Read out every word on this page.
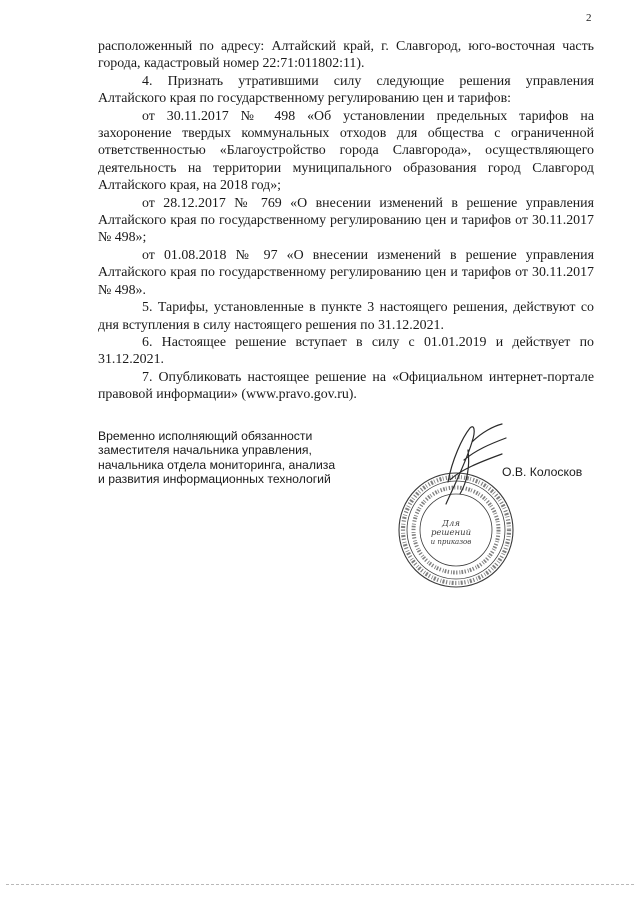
2

расположенный по адресу: Алтайский край, г. Славгород, юго-восточная часть города, кадастровый номер 22:71:011802:11).

4. Признать утратившими силу следующие решения управления Алтайского края по государственному регулированию цен и тарифов:

от 30.11.2017 № 498 «Об установлении предельных тарифов на захоронение твердых коммунальных отходов для общества с ограниченной ответственностью «Благоустройство города Славгорода», осуществляющего деятельность на территории муниципального образования город Славгород Алтайского края, на 2018 год»;

от 28.12.2017 № 769 «О внесении изменений в решение управления Алтайского края по государственному регулированию цен и тарифов от 30.11.2017 № 498»;

от 01.08.2018 № 97 «О внесении изменений в решение управления Алтайского края по государственному регулированию цен и тарифов от 30.11.2017 № 498».

5. Тарифы, установленные в пункте 3 настоящего решения, действуют со дня вступления в силу настоящего решения по 31.12.2021.

6. Настоящее решение вступает в силу с 01.01.2019 и действует по 31.12.2021.

7. Опубликовать настоящее решение на «Официальном интернет-портале правовой информации» (www.pravo.gov.ru).

Временно исполняющий обязанности
заместителя начальника управления,
начальника отдела мониторинга, анализа
и развития информационных технологий
Для решений
и приказов
О.В. Колосков
